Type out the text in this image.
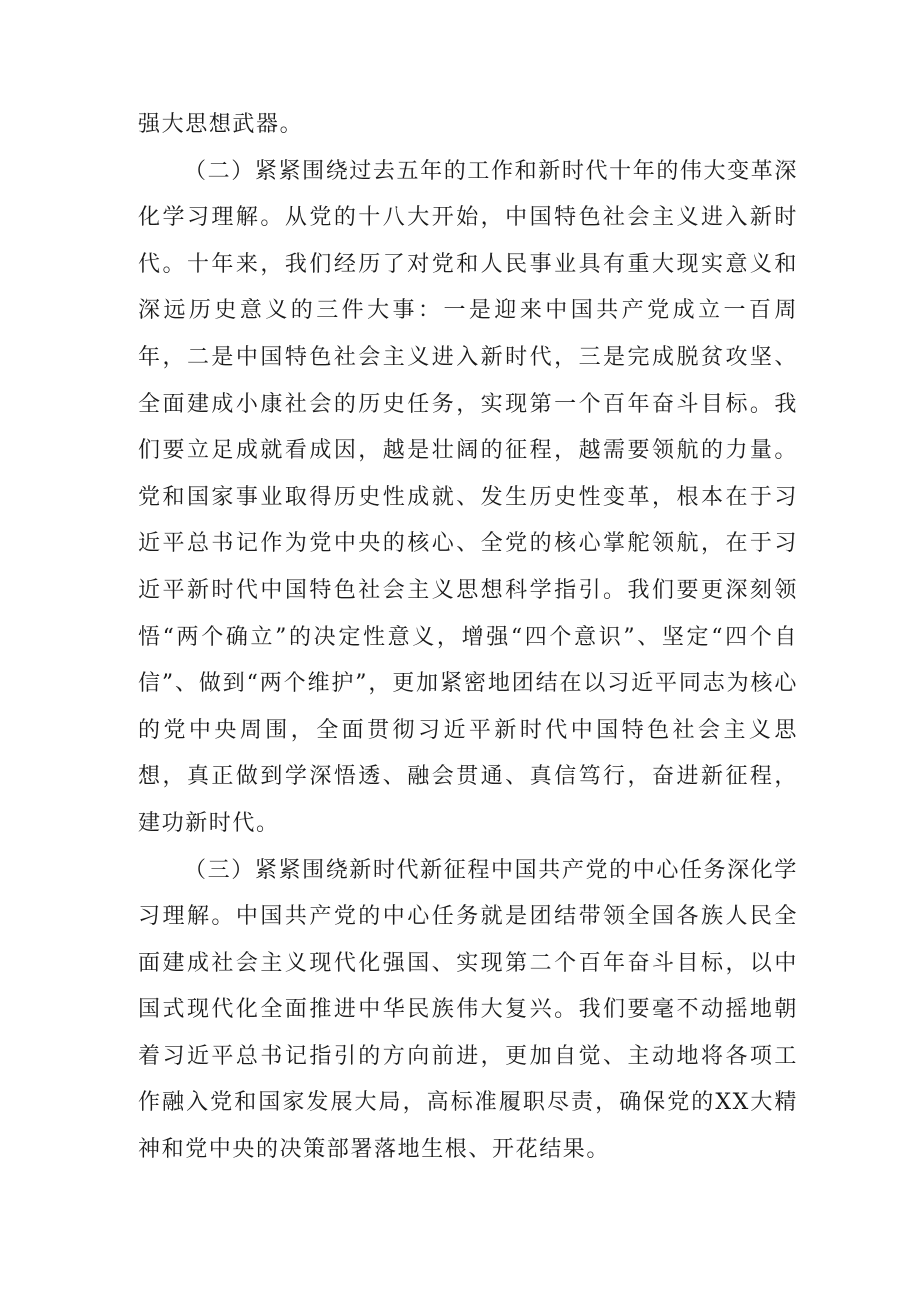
强大思想武器。

（二）紧紧围绕过去五年的工作和新时代十年的伟大变革深化学习理解。从党的十八大开始，中国特色社会主义进入新时代。十年来，我们经历了对党和人民事业具有重大现实意义和深远历史意义的三件大事：一是迎来中国共产党成立一百周年，二是中国特色社会主义进入新时代，三是完成脱贫攻坚、全面建成小康社会的历史任务，实现第一个百年奋斗目标。我们要立足成就看成因，越是壮阔的征程，越需要领航的力量。党和国家事业取得历史性成就、发生历史性变革，根本在于习近平总书记作为党中央的核心、全党的核心掌舵领航，在于习近平新时代中国特色社会主义思想科学指引。我们要更深刻领悟“两个确立”的决定性意义，增强“四个意识”、坚定“四个自信”、做到“两个维护”，更加紧密地团结在以习近平同志为核心的党中央周围，全面贯彻习近平新时代中国特色社会主义思想，真正做到学深悟透、融会贯通、真信笃行，奋进新征程，建功新时代。

（三）紧紧围绕新时代新征程中国共产党的中心任务深化学习理解。中国共产党的中心任务就是团结带领全国各族人民全面建成社会主义现代化强国、实现第二个百年奋斗目标，以中国式现代化全面推进中华民族伟大复兴。我们要毫不动摇地朝着习近平总书记指引的方向前进，更加自觉、主动地将各项工作融入党和国家发展大局，高标准履职尽责，确保党的XX大精神和党中央的决策部署落地生根、开花结果。
